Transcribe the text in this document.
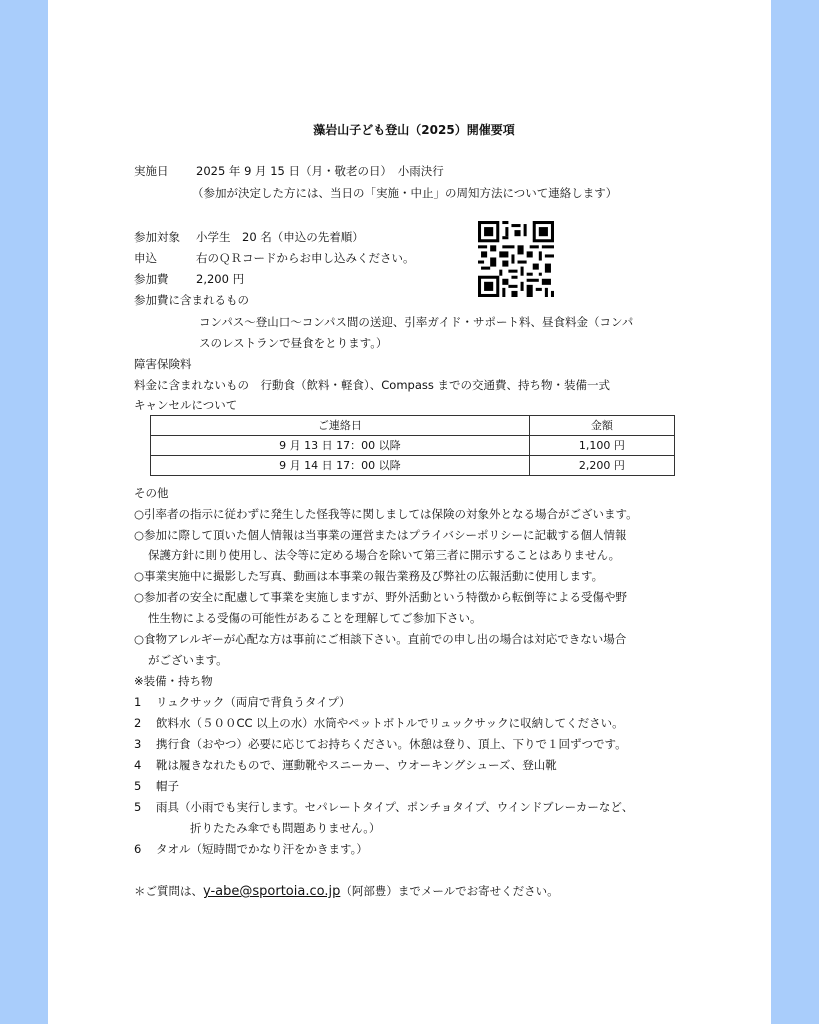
藻岩山子ども登山（2025）開催要項
実施日 2025 年 9 月 15 日（月・敬老の日）　小雨決行
（参加が決定した方には、当日の「実施・中止」の周知方法について連絡します）
参加対象 小学生　20 名（申込の先着順）
申込	右のＱＲコードからお申し込みください。
参加費 2,200 円
参加費に含まれるもの
コンパス～登山口～コンパス間の送迎、引率ガイド・サポート料、昼食料金（コンパ
スのレストランで昼食をとります。）
障害保険料
料金に含まれないもの　 行動食（飲料・軽食）、Compass までの交通費、持ち物・装備一式
キャンセルについて
ご連絡日	金額
9 月 13 日 17：00 以降	1,100 円
9 月 14 日 17：00 以降	2,200 円
その他
○引率者の指示に従わずに発生した怪我等に関しましては保険の対象外となる場合がございます。
○参加に際して頂いた個人情報は当事業の運営またはプライバシーポリシーに記載する個人情報
保護方針に則り使用し、法令等に定める場合を除いて第三者に開示することはありません。
○事業実施中に撮影した写真、動画は本事業の報告業務及び弊社の広報活動に使用します。
○参加者の安全に配慮して事業を実施しますが、野外活動という特徴から転倒等による受傷や野
性生物による受傷の可能性があることを理解してご参加下さい。
○食物アレルギーが心配な方は事前にご相談下さい。直前での申し出の場合は対応できない場合
がございます。
※装備・持ち物
1 リュクサック（両肩で背負うタイプ）
2 飲料水（５００CC 以上の水）水筒やペットボトルでリュックサックに収納してください。
3 携行食（おやつ）必要に応じてお持ちください。休憩は登り、頂上、下りで１回ずつです。
4 靴は履きなれたもので、運動靴やスニーカー、ウオーキングシューズ、登山靴
5 帽子
5 雨具（小雨でも実行します。セパレートタイプ、ポンチョタイプ、ウインドブレーカーなど、
折りたたみ傘でも問題ありません。）
6 タオル（短時間でかなり汗をかきます。）
＊ご質問は、y-abe@sportoia.co.jp（阿部豊）までメールでお寄せください。
